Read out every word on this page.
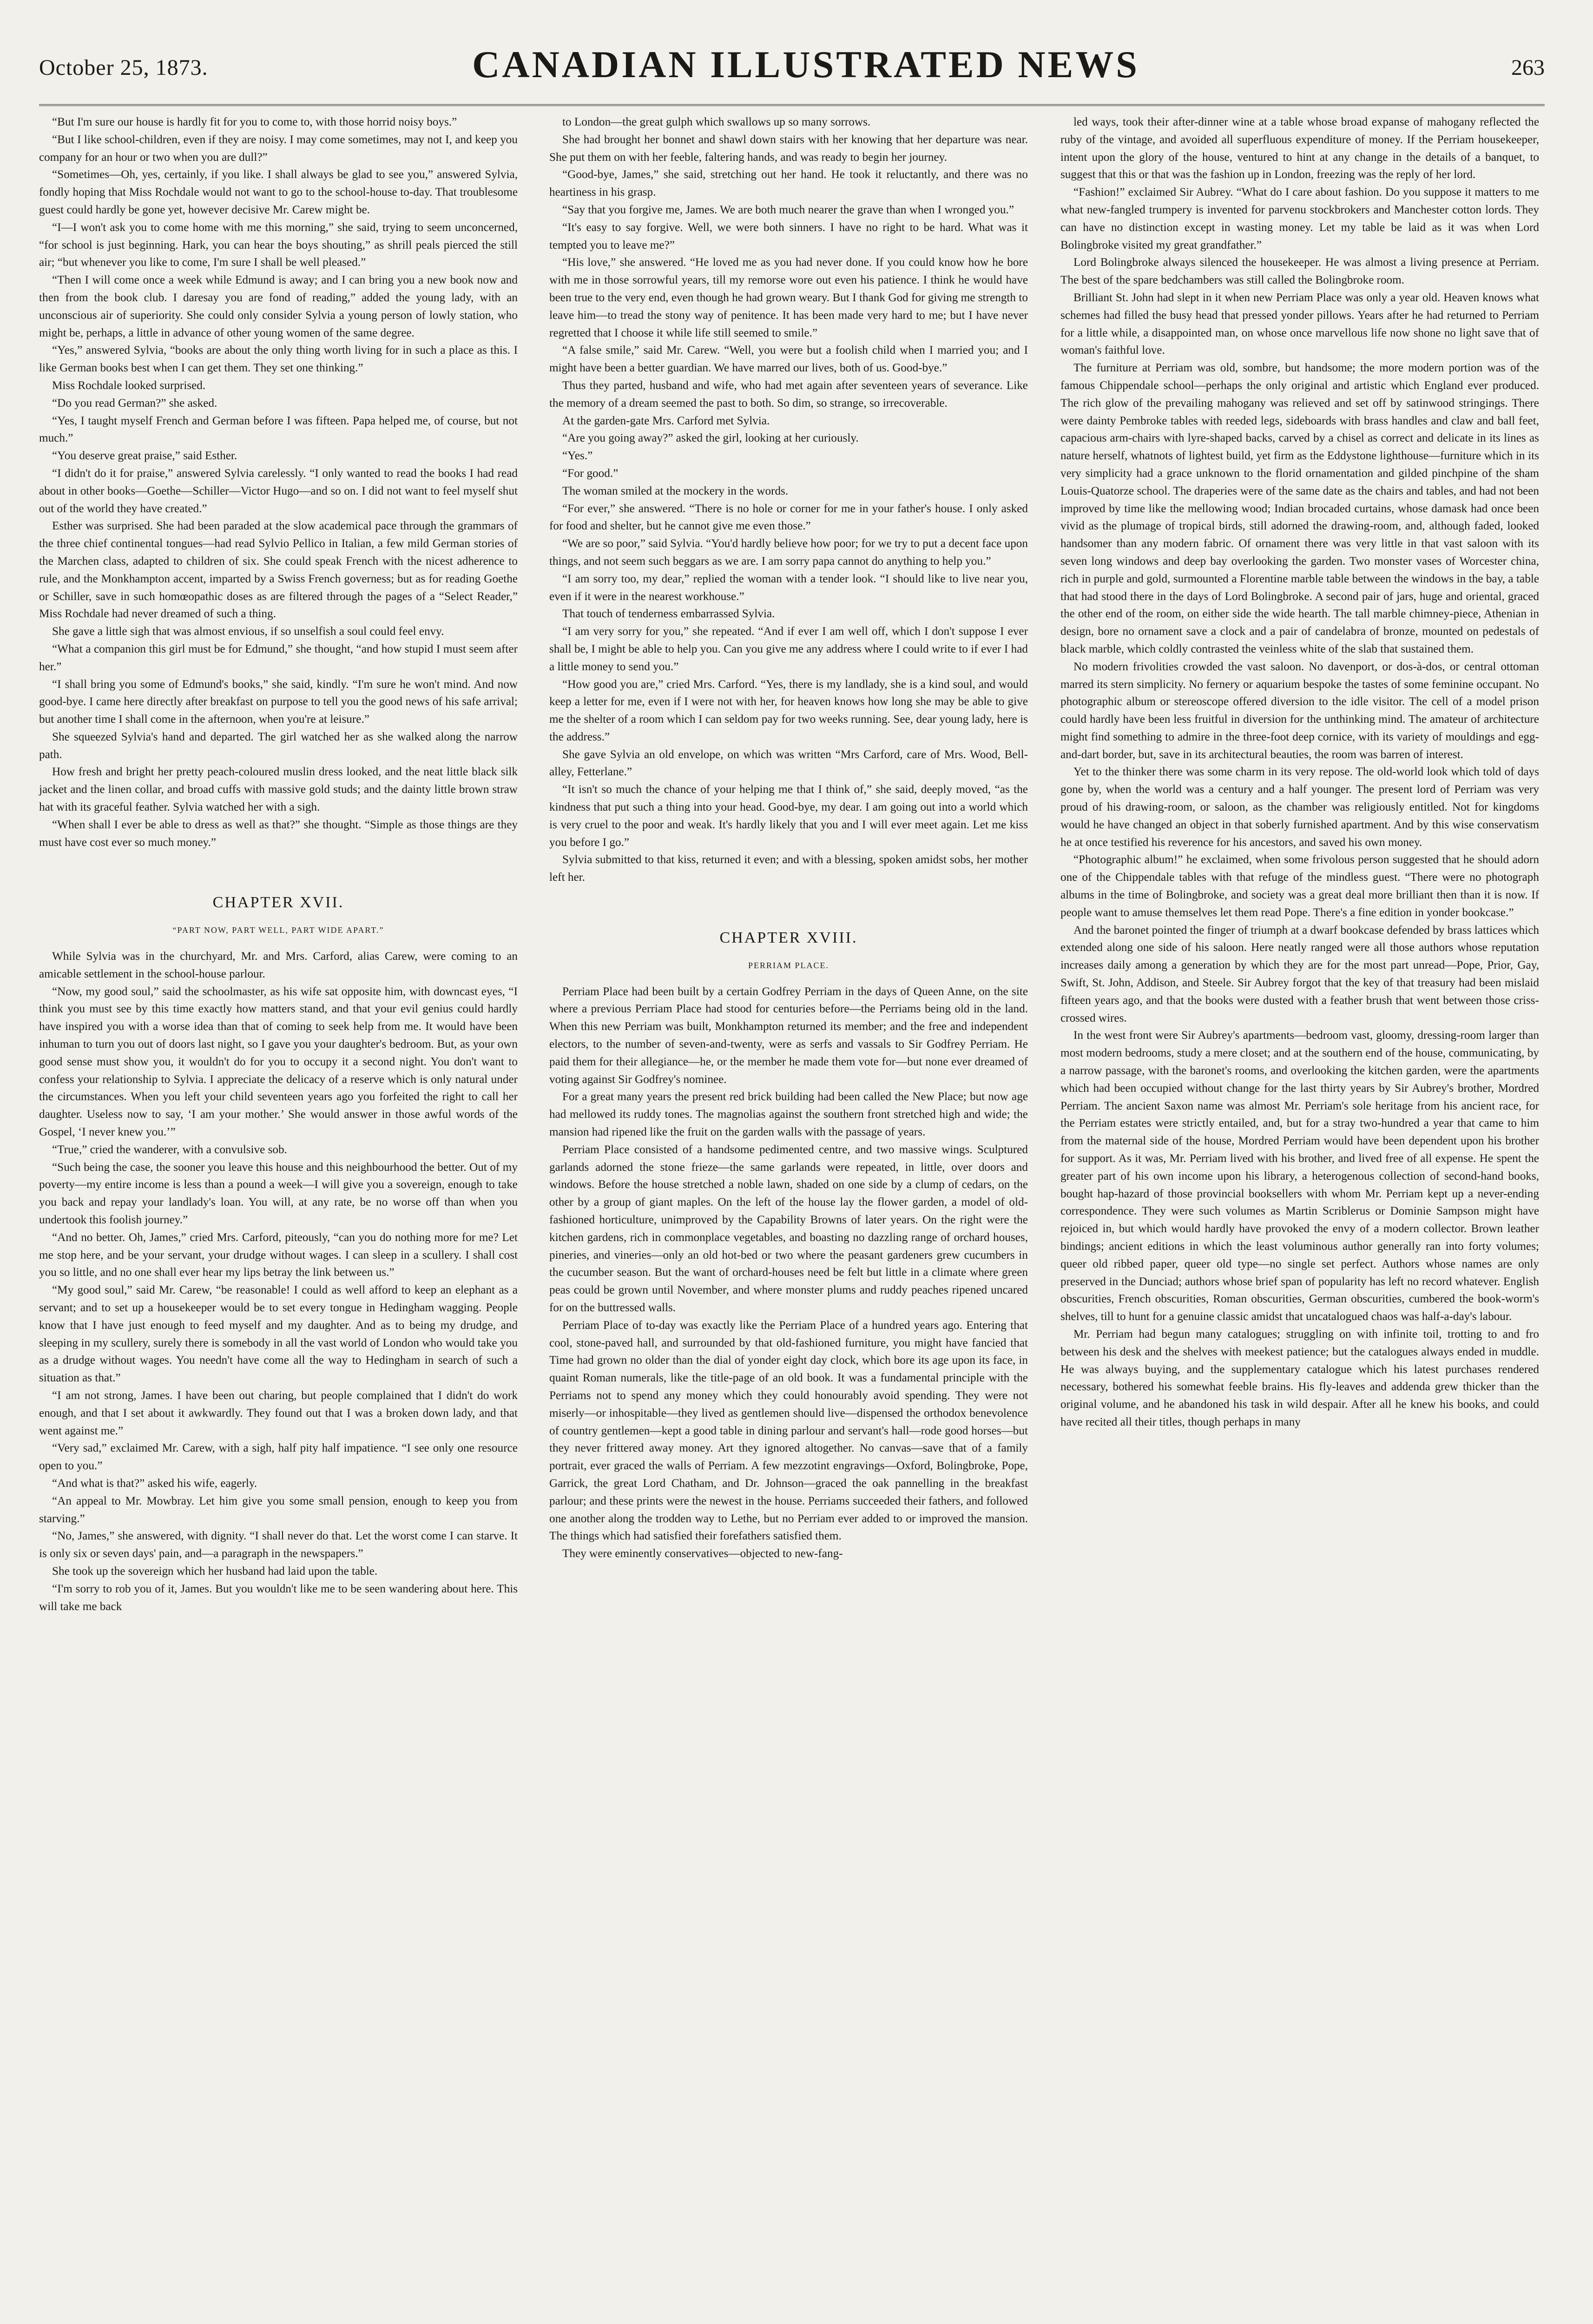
October 25, 1873.	CANADIAN ILLUSTRATED NEWS	263

“But I'm sure our house is hardly fit for you to come to, with those horrid noisy boys.”

“But I like school-children, even if they are noisy. I may come sometimes, may not I, and keep you company for an hour or two when you are dull?”

“Sometimes—Oh, yes, certainly, if you like. I shall always be glad to see you,” answered Sylvia, fondly hoping that Miss Rochdale would not want to go to the school-house to-day. That troublesome guest could hardly be gone yet, however decisive Mr. Carew might be.

“I—I won't ask you to come home with me this morning,” she said, trying to seem unconcerned, “for school is just beginning. Hark, you can hear the boys shouting,” as shrill peals pierced the still air; “but whenever you like to come, I'm sure I shall be well pleased.”

“Then I will come once a week while Edmund is away; and I can bring you a new book now and then from the book club. I daresay you are fond of reading,” added the young lady, with an unconscious air of superiority. She could only consider Sylvia a young person of lowly station, who might be, perhaps, a little in advance of other young women of the same degree.

“Yes,” answered Sylvia, “books are about the only thing worth living for in such a place as this. I like German books best when I can get them. They set one thinking.”

Miss Rochdale looked surprised.

“Do you read German?” she asked.

“Yes, I taught myself French and German before I was fifteen. Papa helped me, of course, but not much.”

“You deserve great praise,” said Esther.

“I didn't do it for praise,” answered Sylvia carelessly. “I only wanted to read the books I had read about in other books—Goethe—Schiller—Victor Hugo—and so on. I did not want to feel myself shut out of the world they have created.”

Esther was surprised. She had been paraded at the slow academical pace through the grammars of the three chief continental tongues—had read Sylvio Pellico in Italian, a few mild German stories of the Marchen class, adapted to children of six. She could speak French with the nicest adherence to rule, and the Monkhampton accent, imparted by a Swiss French governess; but as for reading Goethe or Schiller, save in such homœopathic doses as are filtered through the pages of a “Select Reader,” Miss Rochdale had never dreamed of such a thing.

She gave a little sigh that was almost envious, if so unselfish a soul could feel envy.

“What a companion this girl must be for Edmund,” she thought, “and how stupid I must seem after her.”

“I shall bring you some of Edmund's books,” she said, kindly. “I'm sure he won't mind. And now good-bye. I came here directly after breakfast on purpose to tell you the good news of his safe arrival; but another time I shall come in the afternoon, when you're at leisure.”

She squeezed Sylvia's hand and departed. The girl watched her as she walked along the narrow path.

How fresh and bright her pretty peach-coloured muslin dress looked, and the neat little black silk jacket and the linen collar, and broad cuffs with massive gold studs; and the dainty little brown straw hat with its graceful feather. Sylvia watched her with a sigh.

“When shall I ever be able to dress as well as that?” she thought. “Simple as those things are they must have cost ever so much money.”

CHAPTER XVII.
“PART NOW, PART WELL, PART WIDE APART.”

While Sylvia was in the churchyard, Mr. and Mrs. Carford, alias Carew, were coming to an amicable settlement in the school-house parlour.

“Now, my good soul,” said the schoolmaster, as his wife sat opposite him, with downcast eyes, “I think you must see by this time exactly how matters stand, and that your evil genius could hardly have inspired you with a worse idea than that of coming to seek help from me. It would have been inhuman to turn you out of doors last night, so I gave you your daughter's bedroom. But, as your own good sense must show you, it wouldn't do for you to occupy it a second night. You don't want to confess your relationship to Sylvia. I appreciate the delicacy of a reserve which is only natural under the circumstances. When you left your child seventeen years ago you forfeited the right to call her daughter. Useless now to say, ‘I am your mother.’ She would answer in those awful words of the Gospel, ‘I never knew you.’”

“True,” cried the wanderer, with a convulsive sob.

“Such being the case, the sooner you leave this house and this neighbourhood the better. Out of my poverty—my entire income is less than a pound a week—I will give you a sovereign, enough to take you back and repay your landlady's loan. You will, at any rate, be no worse off than when you undertook this foolish journey.”

“And no better. Oh, James,” cried Mrs. Carford, piteously, “can you do nothing more for me? Let me stop here, and be your servant, your drudge without wages. I can sleep in a scullery. I shall cost you so little, and no one shall ever hear my lips betray the link between us.”

“My good soul,” said Mr. Carew, “be reasonable! I could as well afford to keep an elephant as a servant; and to set up a housekeeper would be to set every tongue in Hedingham wagging. People know that I have just enough to feed myself and my daughter. And as to being my drudge, and sleeping in my scullery, surely there is somebody in all the vast world of London who would take you as a drudge without wages. You needn't have come all the way to Hedingham in search of such a situation as that.”

“I am not strong, James. I have been out charing, but people complained that I didn't do work enough, and that I set about it awkwardly. They found out that I was a broken down lady, and that went against me.”

“Very sad,” exclaimed Mr. Carew, with a sigh, half pity half impatience. “I see only one resource open to you.”

“And what is that?” asked his wife, eagerly.

“An appeal to Mr. Mowbray. Let him give you some small pension, enough to keep you from starving.”

“No, James,” she answered, with dignity. “I shall never do that. Let the worst come I can starve. It is only six or seven days' pain, and—a paragraph in the newspapers.”

She took up the sovereign which her husband had laid upon the table.

“I'm sorry to rob you of it, James. But you wouldn't like me to be seen wandering about here. This will take me back

to London—the great gulph which swallows up so many sorrows.

She had brought her bonnet and shawl down stairs with her knowing that her departure was near. She put them on with her feeble, faltering hands, and was ready to begin her journey.

“Good-bye, James,” she said, stretching out her hand. He took it reluctantly, and there was no heartiness in his grasp.

“Say that you forgive me, James. We are both much nearer the grave than when I wronged you.”

“It's easy to say forgive. Well, we were both sinners. I have no right to be hard. What was it tempted you to leave me?”

“His love,” she answered. “He loved me as you had never done. If you could know how he bore with me in those sorrowful years, till my remorse wore out even his patience. I think he would have been true to the very end, even though he had grown weary. But I thank God for giving me strength to leave him—to tread the stony way of penitence. It has been made very hard to me; but I have never regretted that I choose it while life still seemed to smile.”

“A false smile,” said Mr. Carew. “Well, you were but a foolish child when I married you; and I might have been a better guardian. We have marred our lives, both of us. Good-bye.”

Thus they parted, husband and wife, who had met again after seventeen years of severance. Like the memory of a dream seemed the past to both. So dim, so strange, so irrecoverable.

At the garden-gate Mrs. Carford met Sylvia.

“Are you going away?” asked the girl, looking at her curiously.

“Yes.”

“For good.”

The woman smiled at the mockery in the words.

“For ever,” she answered. “There is no hole or corner for me in your father's house. I only asked for food and shelter, but he cannot give me even those.”

“We are so poor,” said Sylvia. “You'd hardly believe how poor; for we try to put a decent face upon things, and not seem such beggars as we are. I am sorry papa cannot do anything to help you.”

“I am sorry too, my dear,” replied the woman with a tender look. “I should like to live near you, even if it were in the nearest workhouse.”

That touch of tenderness embarrassed Sylvia.

“I am very sorry for you,” she repeated. “And if ever I am well off, which I don't suppose I ever shall be, I might be able to help you. Can you give me any address where I could write to if ever I had a little money to send you.”

“How good you are,” cried Mrs. Carford. “Yes, there is my landlady, she is a kind soul, and would keep a letter for me, even if I were not with her, for heaven knows how long she may be able to give me the shelter of a room which I can seldom pay for two weeks running. See, dear young lady, here is the address.”

She gave Sylvia an old envelope, on which was written “Mrs Carford, care of Mrs. Wood, Bell-alley, Fetterlane.”

“It isn't so much the chance of your helping me that I think of,” she said, deeply moved, “as the kindness that put such a thing into your head. Good-bye, my dear. I am going out into a world which is very cruel to the poor and weak. It's hardly likely that you and I will ever meet again. Let me kiss you before I go.”

Sylvia submitted to that kiss, returned it even; and with a blessing, spoken amidst sobs, her mother left her.

CHAPTER XVIII.
PERRIAM PLACE.

Perriam Place had been built by a certain Godfrey Perriam in the days of Queen Anne, on the site where a previous Perriam Place had stood for centuries before—the Perriams being old in the land. When this new Perriam was built, Monkhampton returned its member; and the free and independent electors, to the number of seven-and-twenty, were as serfs and vassals to Sir Godfrey Perriam. He paid them for their allegiance—he, or the member he made them vote for—but none ever dreamed of voting against Sir Godfrey's nominee.

For a great many years the present red brick building had been called the New Place; but now age had mellowed its ruddy tones. The magnolias against the southern front stretched high and wide; the mansion had ripened like the fruit on the garden walls with the passage of years.

Perriam Place consisted of a handsome pedimented centre, and two massive wings. Sculptured garlands adorned the stone frieze—the same garlands were repeated, in little, over doors and windows. Before the house stretched a noble lawn, shaded on one side by a clump of cedars, on the other by a group of giant maples. On the left of the house lay the flower garden, a model of old-fashioned horticulture, unimproved by the Capability Browns of later years. On the right were the kitchen gardens, rich in commonplace vegetables, and boasting no dazzling range of orchard houses, pineries, and vineries—only an old hot-bed or two where the peasant gardeners grew cucumbers in the cucumber season. But the want of orchard-houses need be felt but little in a climate where green peas could be grown until November, and where monster plums and ruddy peaches ripened uncared for on the buttressed walls.

Perriam Place of to-day was exactly like the Perriam Place of a hundred years ago. Entering that cool, stone-paved hall, and surrounded by that old-fashioned furniture, you might have fancied that Time had grown no older than the dial of yonder eight day clock, which bore its age upon its face, in quaint Roman numerals, like the title-page of an old book. It was a fundamental principle with the Perriams not to spend any money which they could honourably avoid spending. They were not miserly—or inhospitable—they lived as gentlemen should live—dispensed the orthodox benevolence of country gentlemen—kept a good table in dining parlour and servant's hall—rode good horses—but they never frittered away money. Art they ignored altogether. No canvas—save that of a family portrait, ever graced the walls of Perriam. A few mezzotint engravings—Oxford, Bolingbroke, Pope, Garrick, the great Lord Chatham, and Dr. Johnson—graced the oak pannelling in the breakfast parlour; and these prints were the newest in the house. Perriams succeeded their fathers, and followed one another along the trodden way to Lethe, but no Perriam ever added to or improved the mansion. The things which had satisfied their forefathers satisfied them.

They were eminently conservatives—objected to new-fang-

led ways, took their after-dinner wine at a table whose broad expanse of mahogany reflected the ruby of the vintage, and avoided all superfluous expenditure of money. If the Perriam housekeeper, intent upon the glory of the house, ventured to hint at any change in the details of a banquet, to suggest that this or that was the fashion up in London, freezing was the reply of her lord.

“Fashion!” exclaimed Sir Aubrey. “What do I care about fashion. Do you suppose it matters to me what new-fangled trumpery is invented for parvenu stockbrokers and Manchester cotton lords. They can have no distinction except in wasting money. Let my table be laid as it was when Lord Bolingbroke visited my great grandfather.”

Lord Bolingbroke always silenced the housekeeper. He was almost a living presence at Perriam. The best of the spare bedchambers was still called the Bolingbroke room.

Brilliant St. John had slept in it when new Perriam Place was only a year old. Heaven knows what schemes had filled the busy head that pressed yonder pillows. Years after he had returned to Perriam for a little while, a disappointed man, on whose once marvellous life now shone no light save that of woman's faithful love.

The furniture at Perriam was old, sombre, but handsome; the more modern portion was of the famous Chippendale school—perhaps the only original and artistic which England ever produced. The rich glow of the prevailing mahogany was relieved and set off by satinwood stringings. There were dainty Pembroke tables with reeded legs, sideboards with brass handles and claw and ball feet, capacious arm-chairs with lyre-shaped backs, carved by a chisel as correct and delicate in its lines as nature herself, whatnots of lightest build, yet firm as the Eddystone lighthouse—furniture which in its very simplicity had a grace unknown to the florid ornamentation and gilded pinchpine of the sham Louis-Quatorze school. The draperies were of the same date as the chairs and tables, and had not been improved by time like the mellowing wood; Indian brocaded curtains, whose damask had once been vivid as the plumage of tropical birds, still adorned the drawing-room, and, although faded, looked handsomer than any modern fabric. Of ornament there was very little in that vast saloon with its seven long windows and deep bay overlooking the garden. Two monster vases of Worcester china, rich in purple and gold, surmounted a Florentine marble table between the windows in the bay, a table that had stood there in the days of Lord Bolingbroke. A second pair of jars, huge and oriental, graced the other end of the room, on either side the wide hearth. The tall marble chimney-piece, Athenian in design, bore no ornament save a clock and a pair of candelabra of bronze, mounted on pedestals of black marble, which coldly contrasted the veinless white of the slab that sustained them.

No modern frivolities crowded the vast saloon. No davenport, or dos-à-dos, or central ottoman marred its stern simplicity. No fernery or aquarium bespoke the tastes of some feminine occupant. No photographic album or stereoscope offered diversion to the idle visitor. The cell of a model prison could hardly have been less fruitful in diversion for the unthinking mind. The amateur of architecture might find something to admire in the three-foot deep cornice, with its variety of mouldings and egg-and-dart border, but, save in its architectural beauties, the room was barren of interest.

Yet to the thinker there was some charm in its very repose. The old-world look which told of days gone by, when the world was a century and a half younger. The present lord of Perriam was very proud of his drawing-room, or saloon, as the chamber was religiously entitled. Not for kingdoms would he have changed an object in that soberly furnished apartment. And by this wise conservatism he at once testified his reverence for his ancestors, and saved his own money.

“Photographic album!” he exclaimed, when some frivolous person suggested that he should adorn one of the Chippendale tables with that refuge of the mindless guest. “There were no photograph albums in the time of Bolingbroke, and society was a great deal more brilliant then than it is now. If people want to amuse themselves let them read Pope. There's a fine edition in yonder bookcase.”

And the baronet pointed the finger of triumph at a dwarf bookcase defended by brass lattices which extended along one side of his saloon. Here neatly ranged were all those authors whose reputation increases daily among a generation by which they are for the most part unread—Pope, Prior, Gay, Swift, St. John, Addison, and Steele. Sir Aubrey forgot that the key of that treasury had been mislaid fifteen years ago, and that the books were dusted with a feather brush that went between those criss-crossed wires.

In the west front were Sir Aubrey's apartments—bedroom vast, gloomy, dressing-room larger than most modern bedrooms, study a mere closet; and at the southern end of the house, communicating, by a narrow passage, with the baronet's rooms, and overlooking the kitchen garden, were the apartments which had been occupied without change for the last thirty years by Sir Aubrey's brother, Mordred Perriam. The ancient Saxon name was almost Mr. Perriam's sole heritage from his ancient race, for the Perriam estates were strictly entailed, and, but for a stray two-hundred a year that came to him from the maternal side of the house, Mordred Perriam would have been dependent upon his brother for support. As it was, Mr. Perriam lived with his brother, and lived free of all expense. He spent the greater part of his own income upon his library, a heterogenous collection of second-hand books, bought hap-hazard of those provincial booksellers with whom Mr. Perriam kept up a never-ending correspondence. They were such volumes as Martin Scriblerus or Dominie Sampson might have rejoiced in, but which would hardly have provoked the envy of a modern collector. Brown leather bindings; ancient editions in which the least voluminous author generally ran into forty volumes; queer old ribbed paper, queer old type—no single set perfect. Authors whose names are only preserved in the Dunciad; authors whose brief span of popularity has left no record whatever. English obscurities, French obscurities, Roman obscurities, German obscurities, cumbered the book-worm's shelves, till to hunt for a genuine classic amidst that uncatalogued chaos was half-a-day's labour.

Mr. Perriam had begun many catalogues; struggling on with infinite toil, trotting to and fro between his desk and the shelves with meekest patience; but the catalogues always ended in muddle. He was always buying, and the supplementary catalogue which his latest purchases rendered necessary, bothered his somewhat feeble brains. His fly-leaves and addenda grew thicker than the original volume, and he abandoned his task in wild despair. After all he knew his books, and could have recited all their titles, though perhaps in many
